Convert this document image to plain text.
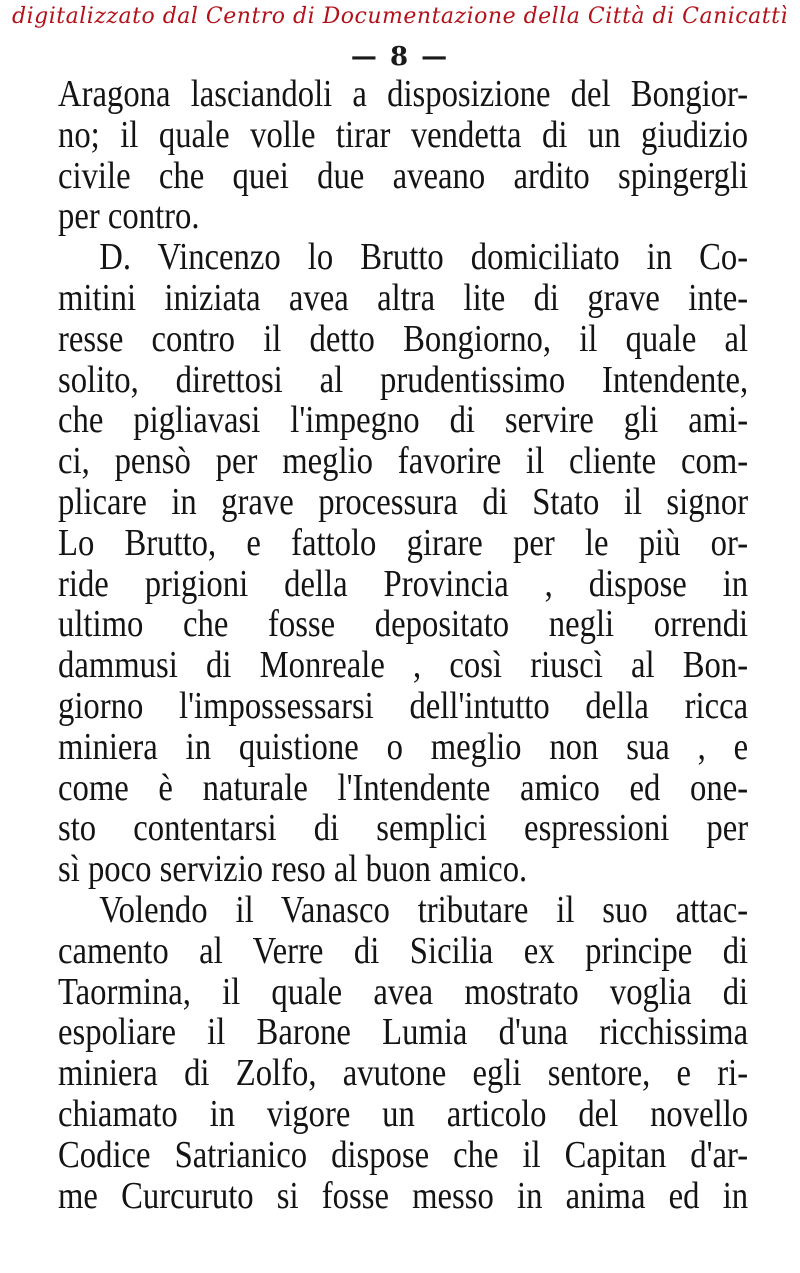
digitalizzato dal Centro di Documentazione della Città di Canicattì
— 8 —
Aragona lasciandoli a disposizione del Bongior-
no; il quale volle tirar vendetta di un giudizio
civile che quei due aveano ardito spingergli
per contro.
D. Vincenzo lo Brutto domiciliato in Co-
mitini iniziata avea altra lite di grave inte-
resse contro il detto Bongiorno, il quale al
solito, direttosi al prudentissimo Intendente,
che pigliavasi l'impegno di servire gli ami-
ci, pensò per meglio favorire il cliente com-
plicare in grave processura di Stato il signor
Lo Brutto, e fattolo girare per le più or-
ride prigioni della Provincia , dispose in
ultimo che fosse depositato negli orrendi
dammusi di Monreale , così riuscì al Bon-
giorno l'impossessarsi dell'intutto della ricca
miniera in quistione o meglio non sua , e
come è naturale l'Intendente amico ed one-
sto contentarsi di semplici espressioni per
sì poco servizio reso al buon amico.
Volendo il Vanasco tributare il suo attac-
camento al Verre di Sicilia ex principe di
Taormina, il quale avea mostrato voglia di
espoliare il Barone Lumia d'una ricchissima
miniera di Zolfo, avutone egli sentore, e ri-
chiamato in vigore un articolo del novello
Codice Satrianico dispose che il Capitan d'ar-
me Curcuruto si fosse messo in anima ed in
